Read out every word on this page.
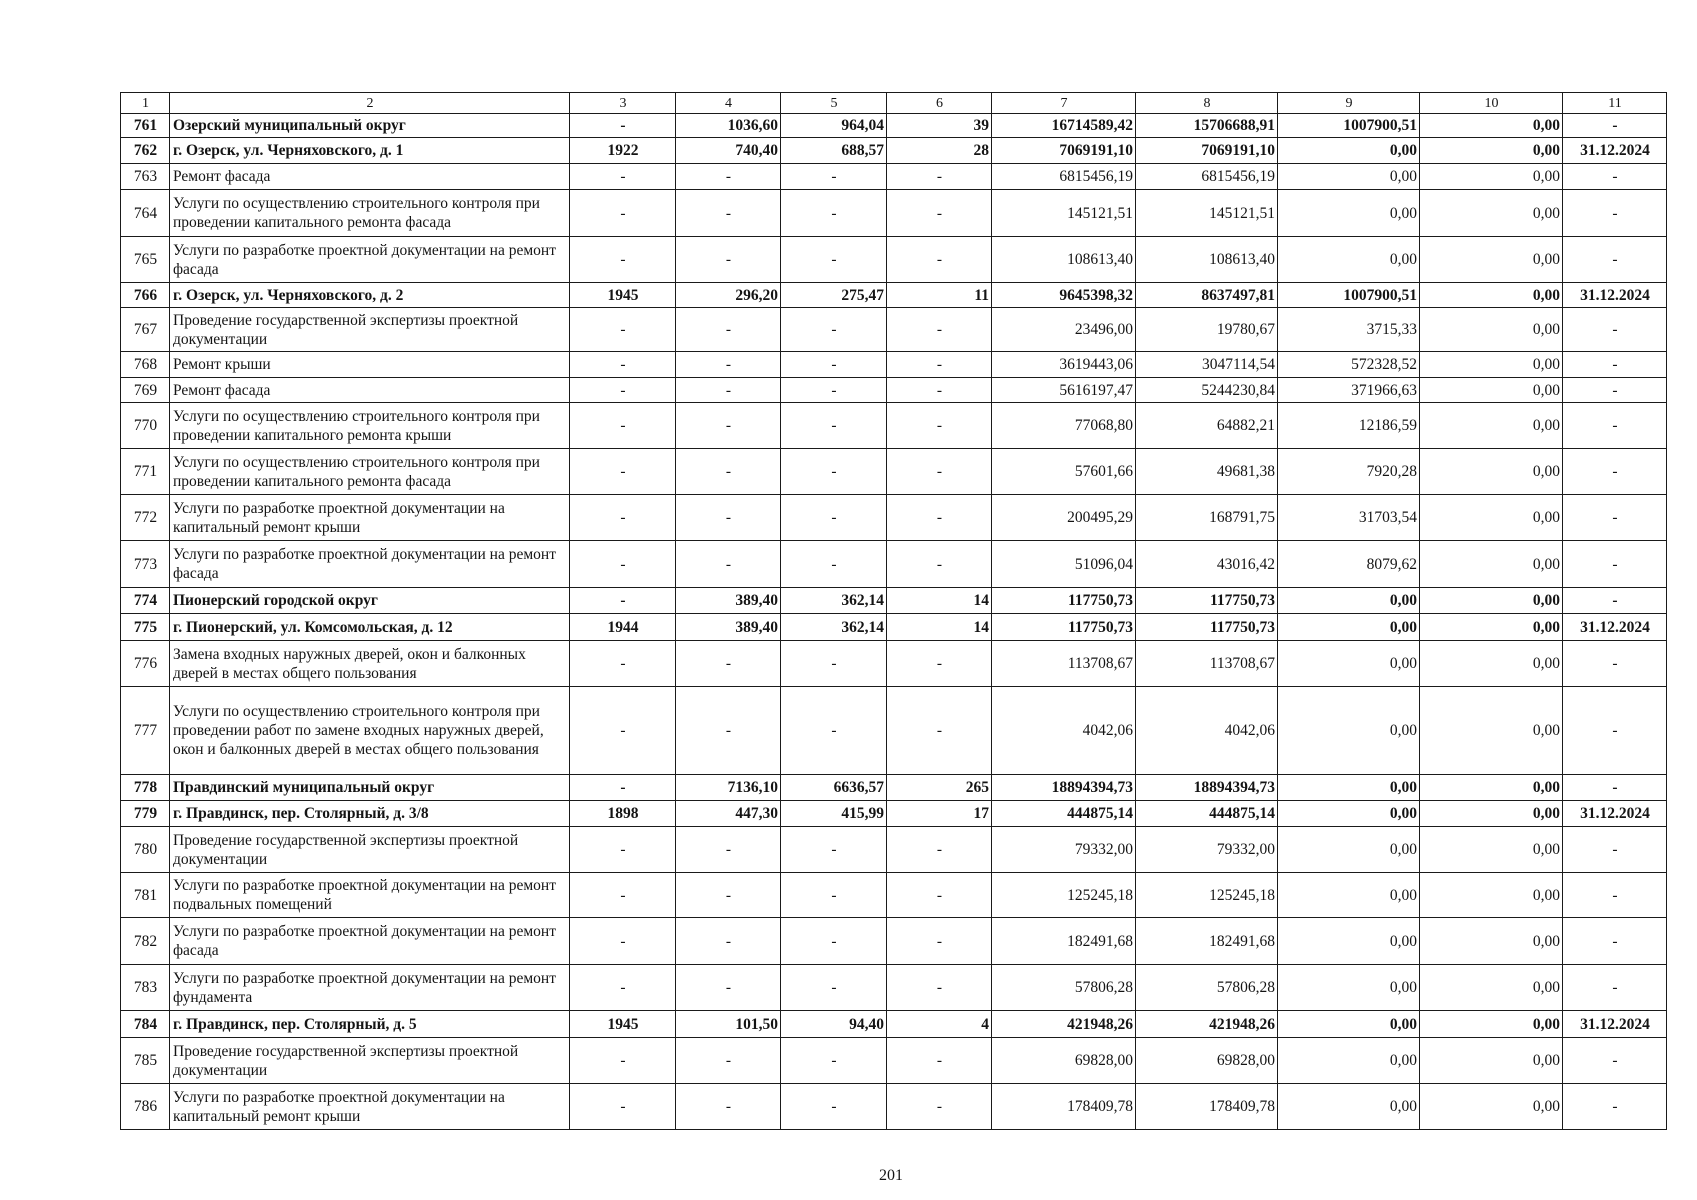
1	2	3	4	5	6	7	8	9	10	11
761	Озерский муниципальный округ	-	1036,60	964,04	39	16714589,42	15706688,91	1007900,51	0,00	-
762	г. Озерск, ул. Черняховского, д. 1	1922	740,40	688,57	28	7069191,10	7069191,10	0,00	0,00	31.12.2024
763	Ремонт фасада	-	-	-	-	6815456,19	6815456,19	0,00	0,00	-
764	Услуги по осуществлению строительного контроля при проведении капитального ремонта фасада	-	-	-	-	145121,51	145121,51	0,00	0,00	-
765	Услуги по разработке проектной документации на ремонт фасада	-	-	-	-	108613,40	108613,40	0,00	0,00	-
766	г. Озерск, ул. Черняховского, д. 2	1945	296,20	275,47	11	9645398,32	8637497,81	1007900,51	0,00	31.12.2024
767	Проведение государственной экспертизы проектной документации	-	-	-	-	23496,00	19780,67	3715,33	0,00	-
768	Ремонт крыши	-	-	-	-	3619443,06	3047114,54	572328,52	0,00	-
769	Ремонт фасада	-	-	-	-	5616197,47	5244230,84	371966,63	0,00	-
770	Услуги по осуществлению строительного контроля при проведении капитального ремонта крыши	-	-	-	-	77068,80	64882,21	12186,59	0,00	-
771	Услуги по осуществлению строительного контроля при проведении капитального ремонта фасада	-	-	-	-	57601,66	49681,38	7920,28	0,00	-
772	Услуги по разработке проектной документации на капитальный ремонт крыши	-	-	-	-	200495,29	168791,75	31703,54	0,00	-
773	Услуги по разработке проектной документации на ремонт фасада	-	-	-	-	51096,04	43016,42	8079,62	0,00	-
774	Пионерский городской округ	-	389,40	362,14	14	117750,73	117750,73	0,00	0,00	-
775	г. Пионерский, ул. Комсомольская, д. 12	1944	389,40	362,14	14	117750,73	117750,73	0,00	0,00	31.12.2024
776	Замена входных наружных дверей, окон и балконных дверей в местах общего пользования	-	-	-	-	113708,67	113708,67	0,00	0,00	-
777	Услуги по осуществлению строительного контроля при проведении работ по замене входных наружных дверей, окон и балконных дверей в местах общего пользования	-	-	-	-	4042,06	4042,06	0,00	0,00	-
778	Правдинский муниципальный округ	-	7136,10	6636,57	265	18894394,73	18894394,73	0,00	0,00	-
779	г. Правдинск, пер. Столярный, д. 3/8	1898	447,30	415,99	17	444875,14	444875,14	0,00	0,00	31.12.2024
780	Проведение государственной экспертизы проектной документации	-	-	-	-	79332,00	79332,00	0,00	0,00	-
781	Услуги по разработке проектной документации на ремонт подвальных помещений	-	-	-	-	125245,18	125245,18	0,00	0,00	-
782	Услуги по разработке проектной документации на ремонт фасада	-	-	-	-	182491,68	182491,68	0,00	0,00	-
783	Услуги по разработке проектной документации на ремонт фундамента	-	-	-	-	57806,28	57806,28	0,00	0,00	-
784	г. Правдинск, пер. Столярный, д. 5	1945	101,50	94,40	4	421948,26	421948,26	0,00	0,00	31.12.2024
785	Проведение государственной экспертизы проектной документации	-	-	-	-	69828,00	69828,00	0,00	0,00	-
786	Услуги по разработке проектной документации на капитальный ремонт крыши	-	-	-	-	178409,78	178409,78	0,00	0,00	-
201
